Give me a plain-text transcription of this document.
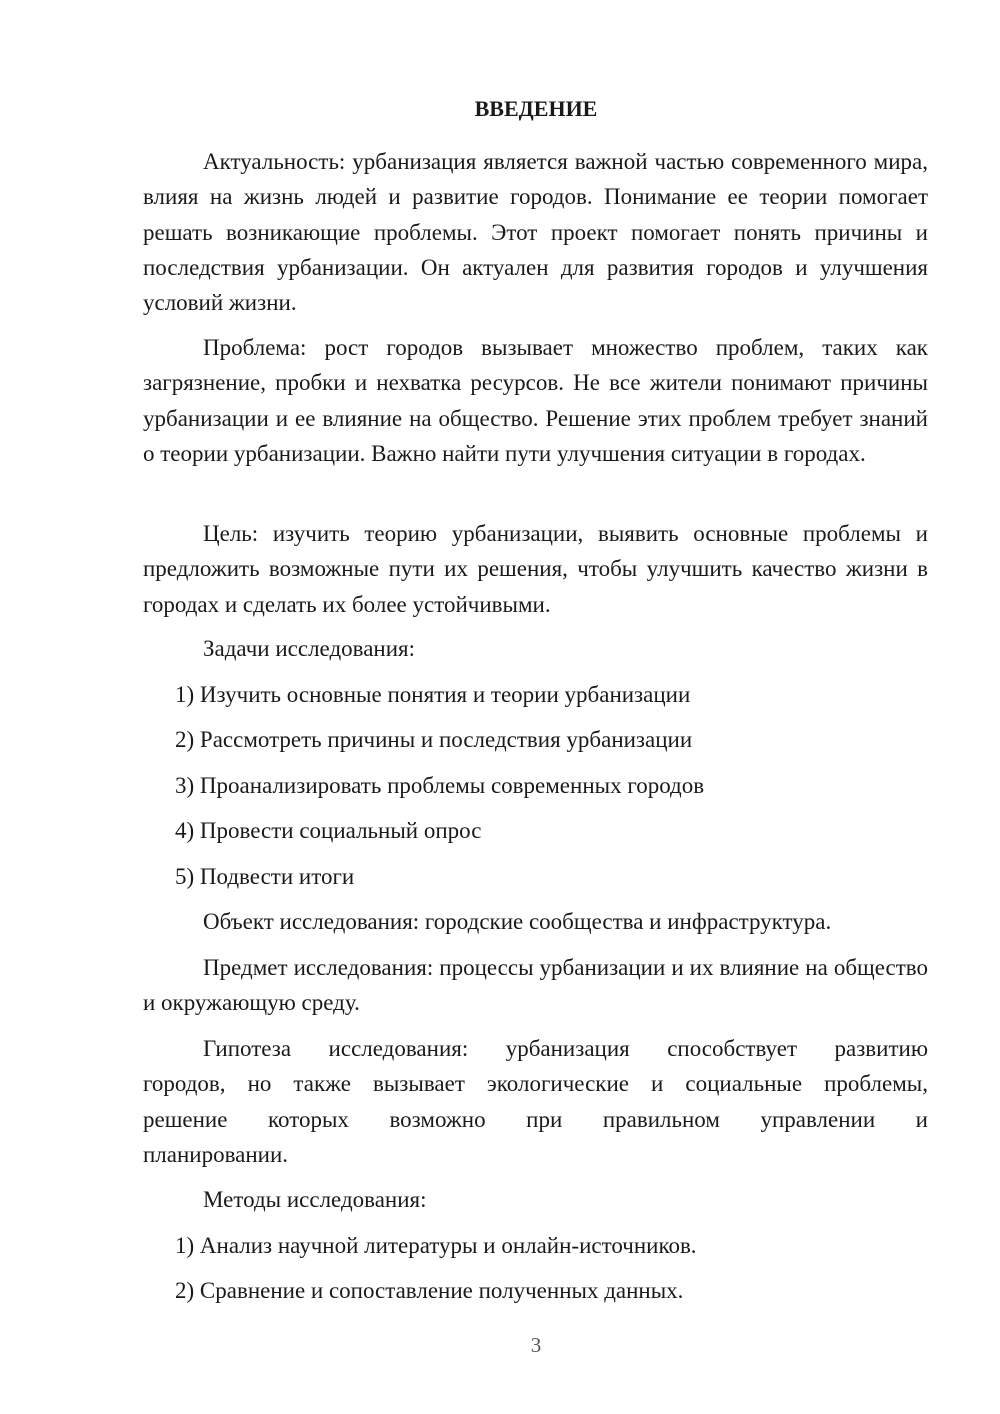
ВВЕДЕНИЕ

Актуальность: урбанизация является важной частью современного мира, влияя на жизнь людей и развитие городов. Понимание ее теории помогает решать возникающие проблемы. Этот проект помогает понять причины и последствия урбанизации. Он актуален для развития городов и улучшения условий жизни.

Проблема: рост городов вызывает множество проблем, таких как загрязнение, пробки и нехватка ресурсов. Не все жители понимают причины урбанизации и ее влияние на общество. Решение этих проблем требует знаний о теории урбанизации. Важно найти пути улучшения ситуации в городах.

Цель: изучить теорию урбанизации, выявить основные проблемы и предложить возможные пути их решения, чтобы улучшить качество жизни в городах и сделать их более устойчивыми.

Задачи исследования:

1) Изучить основные понятия и теории урбанизации

2) Рассмотреть причины и последствия урбанизации

3) Проанализировать проблемы современных городов

4) Провести социальный опрос

5) Подвести итоги

Объект исследования: городские сообщества и инфраструктура.

Предмет исследования: процессы урбанизации и их влияние на общество и окружающую среду.

Гипотеза исследования: урбанизация способствует развитию
городов, но также вызывает экологические и социальные проблемы,
решение которых возможно при правильном управлении и
планировании.

Методы исследования:

1) Анализ научной литературы и онлайн-источников.

2) Сравнение и сопоставление полученных данных.

3
